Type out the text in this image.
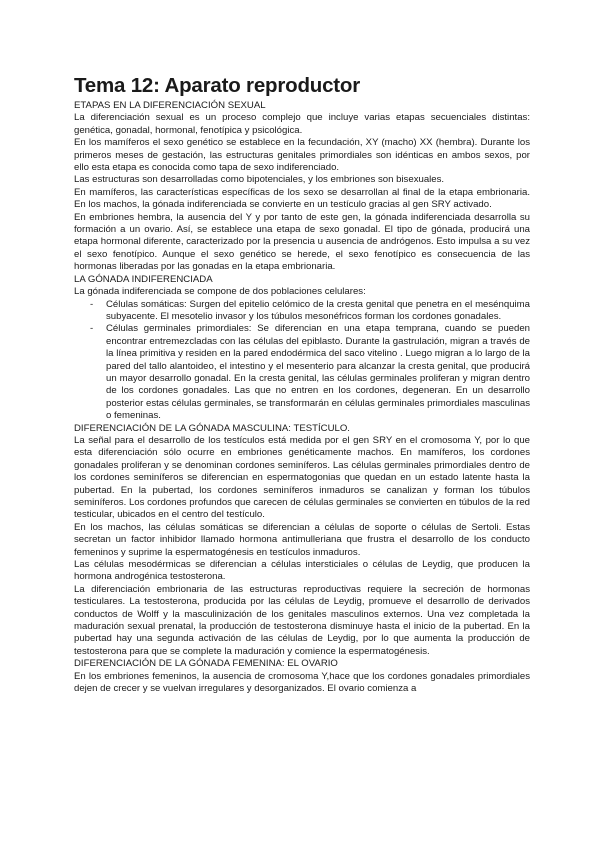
Tema 12: Aparato reproductor
ETAPAS EN LA DIFERENCIACIÓN SEXUAL

La diferenciación sexual es un proceso complejo que incluye varias etapas secuenciales distintas: genética, gonadal, hormonal, fenotípica y psicológica.

En los mamíferos el sexo genético se establece en la fecundación, XY (macho) XX (hembra). Durante los primeros meses de gestación, las estructuras genitales primordiales son idénticas en ambos sexos, por ello esta etapa es conocida como tapa de sexo indiferenciado.

Las estructuras son desarrolladas como bipotenciales, y los embriones son bisexuales.

En mamíferos, las características específicas de los sexo se desarrollan al final de la etapa embrionaria. En los machos, la gónada indiferenciada se convierte en un testículo gracias al gen SRY activado.

En embriones hembra, la ausencia del Y y por tanto de este gen, la gónada indiferenciada desarrolla su formación a un ovario. Así, se establece una etapa de sexo gonadal. El tipo de gónada, producirá una etapa hormonal diferente, caracterizado por la presencia u ausencia de andrógenos. Esto impulsa a su vez el sexo fenotípico. Aunque el sexo genético se herede, el sexo fenotípico es consecuencia de las hormonas liberadas por las gonadas en la etapa embrionaria.

LA GÓNADA INDIFERENCIADA

La gónada indiferenciada se compone de dos poblaciones celulares:

- Células somáticas: Surgen del epitelio celómico de la cresta genital que penetra en el mesénquima subyacente. El mesotelio invasor y los túbulos mesonéfricos forman los cordones gonadales.
- Células germinales primordiales: Se diferencian en una etapa temprana, cuando se pueden encontrar entremezcladas con las células del epiblasto. Durante la gastrulación, migran a través de la línea primitiva y residen en la pared endodérmica del saco vitelino . Luego migran a lo largo de la pared del tallo alantoideo, el intestino y el mesenterio para alcanzar la cresta genital, que producirá un mayor desarrollo gonadal. En la cresta genital, las células germinales proliferan y migran dentro de los cordones gonadales. Las que no entren en los cordones, degeneran. En un desarrollo posterior estas células germinales, se transformarán en células germinales primordiales masculinas o femeninas.
DIFERENCIACIÓN DE LA GÓNADA MASCULINA: TESTÍCULO.

La señal para el desarrollo de los testículos está medida por el gen SRY en el cromosoma Y, por lo que esta diferenciación sólo ocurre en embriones genéticamente machos. En mamíferos, los cordones gonadales proliferan y se denominan cordones seminíferos. Las células germinales primordiales dentro de los cordones seminíferos se diferencian en espermatogonias que quedan en un estado latente hasta la pubertad. En la pubertad, los cordones seminíferos inmaduros se canalizan y forman los túbulos seminíferos. Los cordones profundos que carecen de células germinales se convierten en túbulos de la red testicular, ubicados en el centro del testículo.

En los machos, las células somáticas se diferencian a células de soporte o células de Sertoli. Estas secretan un factor inhibidor llamado hormona antimulleriana que frustra el desarrollo de los conducto femeninos y suprime la espermatogénesis en testículos inmaduros.

Las células mesodérmicas se diferencian a células intersticiales o células de Leydig, que producen la hormona androgénica testosterona.

La diferenciación embrionaria de las estructuras reproductivas requiere la secreción de hormonas testiculares. La testosterona, producida por las células de Leydig, promueve el desarrollo de derivados conductos de Wolff y la masculinización de los genitales masculinos externos. Una vez completada la maduración sexual prenatal, la producción de testosterona disminuye hasta el inicio de la pubertad. En la pubertad hay una segunda activación de las células de Leydig, por lo que aumenta la producción de testosterona para que se complete la maduración y comience la espermatogénesis.

DIFERENCIACIÓN DE LA GÓNADA FEMENINA: EL OVARIO

En los embriones femeninos, la ausencia de cromosoma Y,hace que los cordones gonadales primordiales dejen de crecer y se vuelvan irregulares y desorganizados. El ovario comienza a
